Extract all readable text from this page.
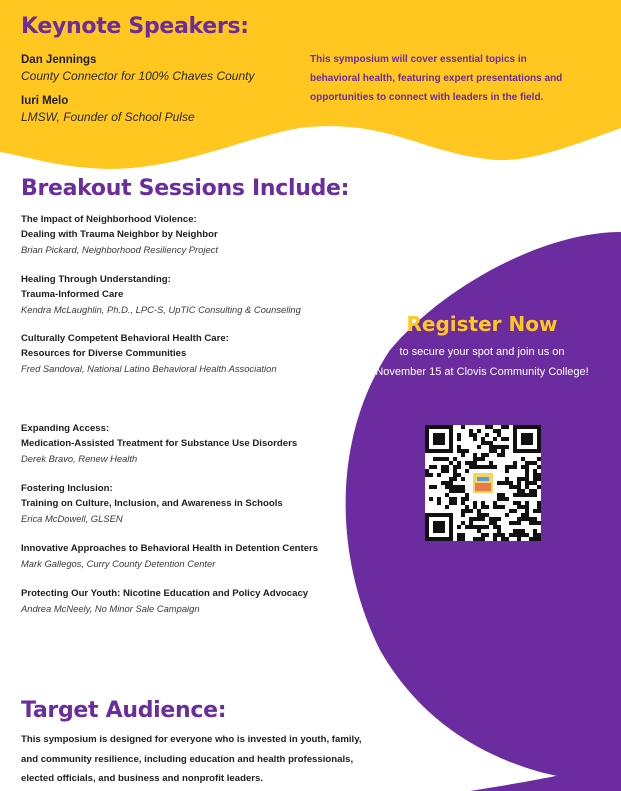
Keynote Speakers:
Dan Jennings
County Connector for 100% Chaves County
Iuri Melo
LMSW, Founder of School Pulse
This symposium will cover essential topics in
behavioral health, featuring expert presentations and
opportunities to connect with leaders in the field.
Breakout Sessions Include:
The Impact of Neighborhood Violence:
Dealing with Trauma Neighbor by Neighbor
Brian Pickard, Neighborhood Resiliency Project
Healing Through Understanding:
Trauma-Informed Care
Kendra McLaughlin, Ph.D., LPC-S, UpTIC Consulting & Counseling
Culturally Competent Behavioral Health Care:
Resources for Diverse Communities
Fred Sandoval, National Latino Behavioral Health Association
Expanding Access:
Medication-Assisted Treatment for Substance Use Disorders
Derek Bravo, Renew Health
Fostering Inclusion:
Training on Culture, Inclusion, and Awareness in Schools
Erica McDowell, GLSEN
Innovative Approaches to Behavioral Health in Detention Centers
Mark Gallegos, Curry County Detention Center
Protecting Our Youth: Nicotine Education and Policy Advocacy
Andrea McNeely, No Minor Sale Campaign
Register Now
to secure your spot and join us on
November 15 at Clovis Community College!
Target Audience:
This symposium is designed for everyone who is invested in youth, family,
and community resilience, including education and health professionals,
elected officials, and business and nonprofit leaders.
